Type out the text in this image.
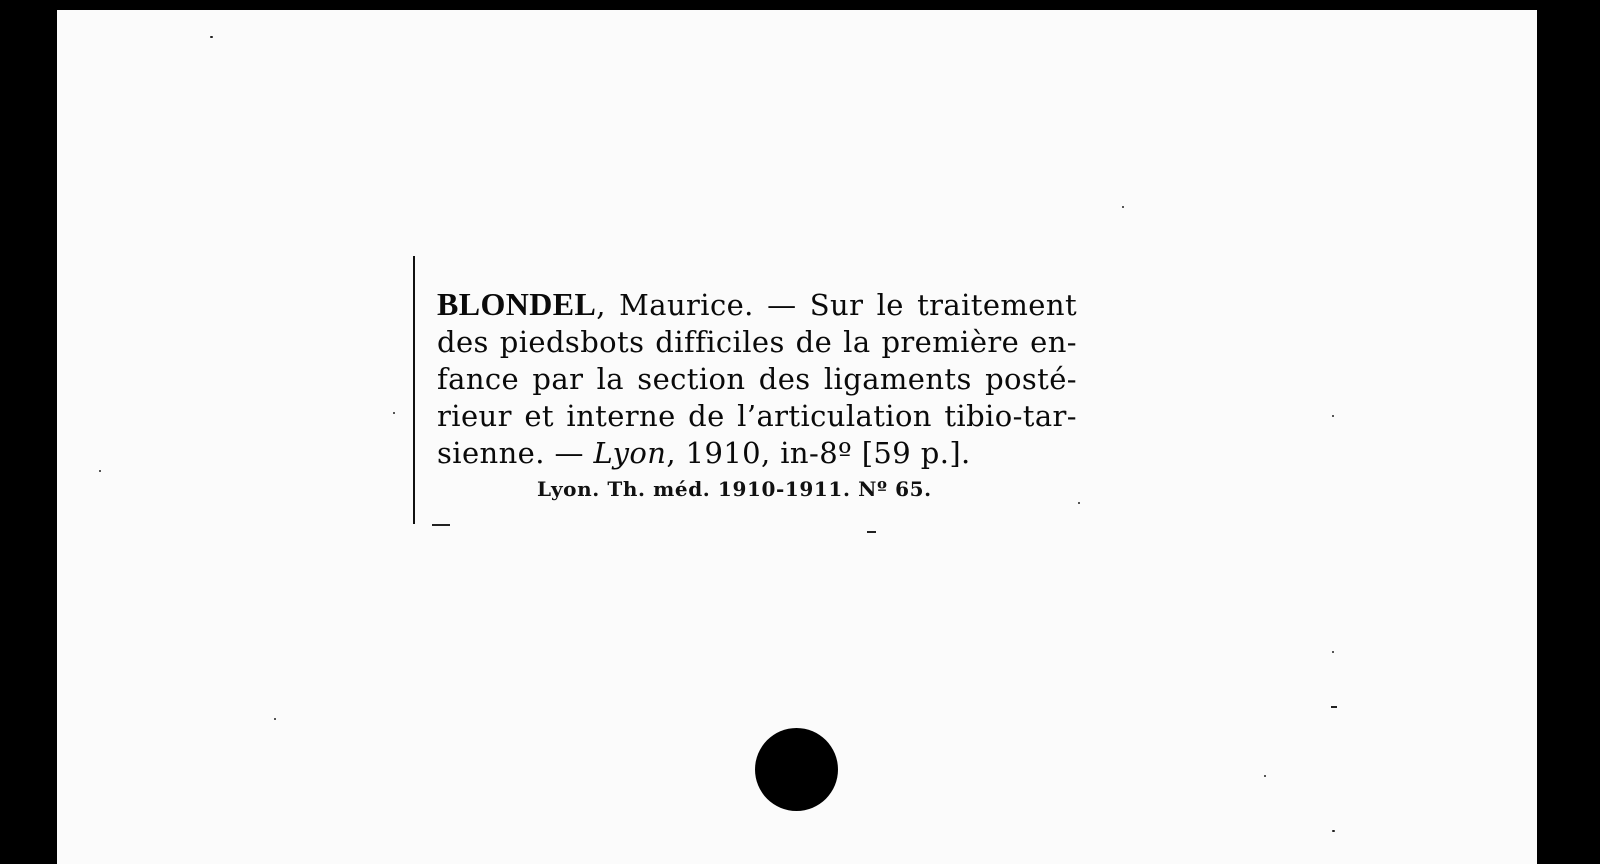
BLONDEL, Maurice. — Sur le traitement
des piedsbots difficiles de la première en-
fance par la section des ligaments posté-
rieur et interne de l’articulation tibio-tar-
sienne. — Lyon, 1910, in-8º [59 p.].
Lyon. Th. méd. 1910-1911. Nº 65.
